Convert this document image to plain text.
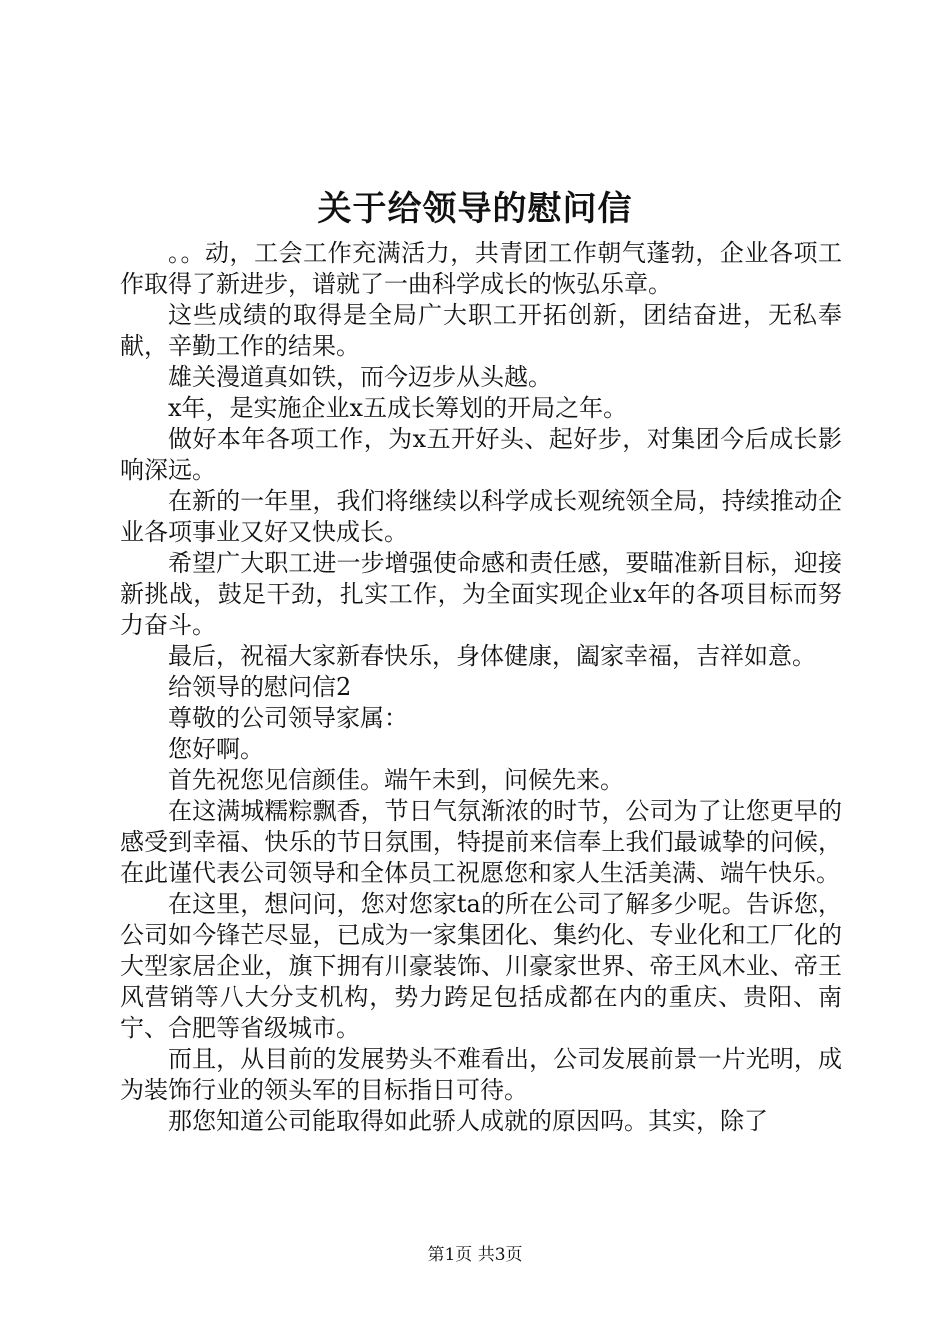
关于给领导的慰问信

。。动，工会工作充满活力，共青团工作朝气蓬勃，企业各项工作取得了新进步，谱就了一曲科学成长的恢弘乐章。

这些成绩的取得是全局广大职工开拓创新，团结奋进，无私奉献，辛勤工作的结果。

雄关漫道真如铁，而今迈步从头越。

x年，是实施企业x五成长筹划的开局之年。

做好本年各项工作，为x五开好头、起好步，对集团今后成长影响深远。

在新的一年里，我们将继续以科学成长观统领全局，持续推动企业各项事业又好又快成长。

希望广大职工进一步增强使命感和责任感，要瞄准新目标，迎接新挑战，鼓足干劲，扎实工作，为全面实现企业x年的各项目标而努力奋斗。

最后，祝福大家新春快乐，身体健康，阖家幸福，吉祥如意。

给领导的慰问信2

尊敬的公司领导家属：

您好啊。

首先祝您见信颜佳。端午未到，问候先来。

在这满城糯粽飘香，节日气氛渐浓的时节，公司为了让您更早的感受到幸福、快乐的节日氛围，特提前来信奉上我们最诚挚的问候，在此谨代表公司领导和全体员工祝愿您和家人生活美满、端午快乐。

在这里，想问问，您对您家ta的所在公司了解多少呢。告诉您，公司如今锋芒尽显，已成为一家集团化、集约化、专业化和工厂化的大型家居企业，旗下拥有川豪装饰、川豪家世界、帝王风木业、帝王风营销等八大分支机构，势力跨足包括成都在内的重庆、贵阳、南宁、合肥等省级城市。

而且，从目前的发展势头不难看出，公司发展前景一片光明，成为装饰行业的领头军的目标指日可待。

那您知道公司能取得如此骄人成就的原因吗。其实，除了

第1页 共3页
